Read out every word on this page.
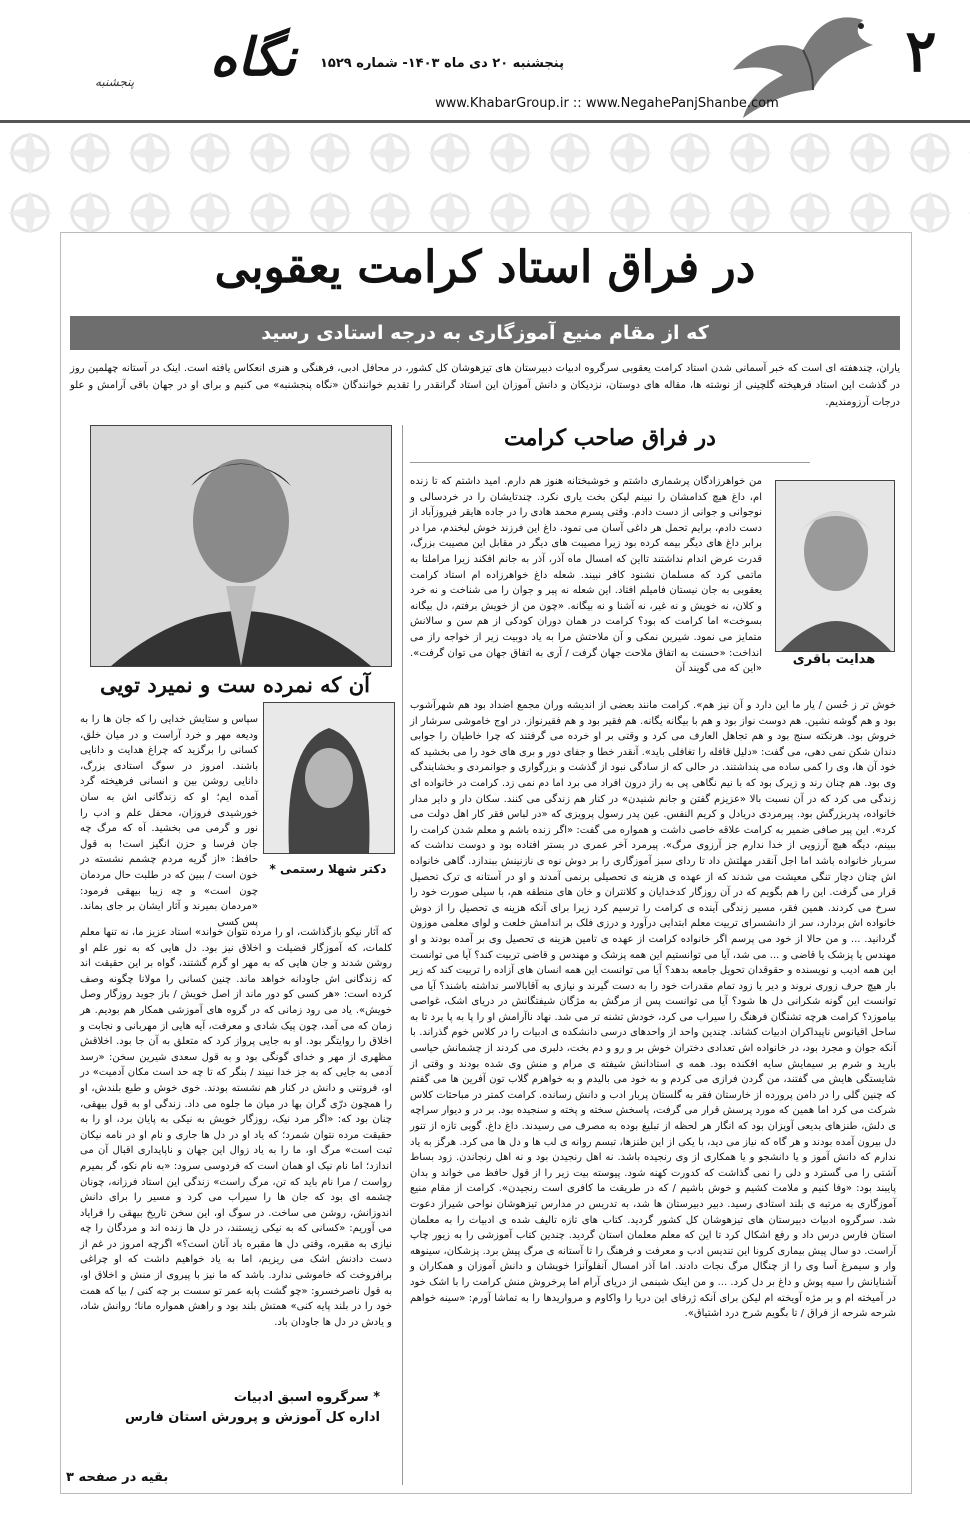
۲
پنجشنبه ۲۰ دی ماه ۱۴۰۳- شماره ۱۵۲۹
www.KhabarGroup.ir :: www.NegahePanjShanbe.com
نگاه
پنجشنبه
در فراق استاد کرامت یعقوبی
که از مقام منیع آموزگاری به درجه استادی رسید
یاران، چندهفته ای است که خبر آسمانی شدن استاد کرامت یعقوبی سرگروه ادبیات دبیرستان های تیزهوشان کل کشور، در محافل ادبی، فرهنگی و هنری انعکاس یافته است. اینک در آستانه چهلمین روز در گذشت این استاد فرهیخته گلچینی از نوشته ها، مقاله های دوستان، نزدیکان و دانش آموزان این استاد گرانقدر را تقدیم خوانندگان «نگاه پنجشنبه» می کنیم و برای او در جهان باقی آرامش و علو درجات آرزومندیم.
در فراق صاحب کرامت
هدایت باقری
من خواهرزادگان پرشماری داشتم و خوشبختانه هنوز هم دارم. امید داشتم که تا زنده ام، داغ هیچ کدامشان را نبینم لیکن بخت یاری نکرد. چندتایشان را در خردسالی و نوجوانی و جوانی از دست دادم. وقتی پسرم محمد هادی را در جاده هایقر فیروزآباد از دست دادم، برایم تحمل هر داغی آسان می نمود. داغ این فرزند خوش لبخندم، مرا در برابر داغ های دیگر بیمه کرده بود زیرا مصیبت های دیگر در مقابل این مصیبت بزرگ، قدرت عرض اندام نداشتند تااین که امسال ماه آذر، آذر به جانم افکند زیرا مراملتا به ماتمی کرد که مسلمان نشنود کافر نبیند. شعله داغ خواهرزاده ام استاد کرامت یعقوبی به جان نیستان فامیلم افتاد. این شعله نه پیر و جوان را می شناخت و نه خرد و کلان، نه خویش و نه غیر، نه آشنا و نه بیگانه. «چون من از خویش برفتم، دل بیگانه بسوخت» اما کرامت که بود؟ کرامت در همان دوران کودکی از هم سن و سالانش متمایز می نمود. شیرین نمکی و آن ملاحتش مرا به یاد دوبیت زیر از خواجه راز می انداخت: «حسنت به اتفاق ملاحت جهان گرفت / آری به اتفاق جهان می توان گرفت». «این که می گویند آن
خوش تر ز حُسن / یار ما این دارد و آن نیز هم». کرامت مانند بعضی از اندیشه وران مجمع اضداد بود هم شهرآشوب بود و هم گوشه نشین. هم دوست نواز بود و هم با بیگانه یگانه. هم فقیر بود و هم فقیرنواز. در اوج خاموشی سرشار از خروش بود. هرنکته سنج بود و هم تجاهل العارف می کرد و وقتی بر او خرده می گرفتند که چرا خاطیان را جوابی دندان شکن نمی دهی، می گفت: «دلیل قافله را تغافلی باید». آنقدر خطا و جفای دور و بری های خود را می بخشید که خود آن ها، وی را کمی ساده می پنداشتند. در حالی که از سادگی نبود از گذشت و بزرگواری و جوانمردی و بخشایندگی وی بود. هم چنان رند و زیرک بود که با نیم نگاهی پی به راز درون افراد می برد اما دم نمی زد. کرامت در خانواده ای زندگی می کرد که در آن نسبت بالا «عزیزم گفتن و جانم شنیدن» در کنار هم زندگی می کنند. سکان دار و دایر مدار خانواده، پدربزرگش بود. پیرمردی دریادل و کریم النفس. عین پدر رسول پرویزی که «در لباس فقر کار اهل دولت می کرد». این پیر صافی ضمیر به کرامت علاقه خاصی داشت و همواره می گفت: «اگر زنده باشم و معلم شدن کرامت را ببینم، دیگه هیچ آرزویی از خدا ندارم جز آرزوی مرگ». پیرمرد آخر عمری در بستر افتاده بود و دوست نداشت که سربار خانواده باشد اما اجل آنقدر مهلتش داد تا ردای سبز آموزگاری را بر دوش نوه ی نازنینش ببندازد. گاهی خانواده اش چنان دچار تنگی معیشت می شدند که از عهده ی هزینه ی تحصیلی برنمی آمدند و او در آستانه ی ترک تحصیل قرار می گرفت. این را هم بگویم که در آن روزگار کدخدایان و کلانتران و خان های منطقه هم، با سیلی صورت خود را سرخ می کردند. همین فقر، مسیر زندگی آینده ی کرامت را ترسیم کرد زیرا برای آنکه هزینه ی تحصیل را از دوش خانواده اش بردارد، سر از دانشسرای تربیت معلم ابتدایی درآورد و درزی فلک بر اندامش خلعت و لوای معلمی موزون گردانید. ... و من حالا از خود می پرسم اگر خانواده کرامت از عهده ی تامین هزینه ی تحصیل وی بر آمده بودند و او مهندس یا پزشک یا قاضی و ... می شد، آیا می توانستیم این همه پزشک و مهندس و قاضی تربیت کند؟ آیا می توانست این همه ادیب و نویسنده و حقوقدان تحویل جامعه بدهد؟ آیا می توانست این همه انسان های آزاده را تربیت کند که زیر بار هیچ حرف زوری نروند و دیر یا زود تمام مقدرات خود را به دست گیرند و نیازی به آقابالاسر نداشته باشند؟ آیا می توانست این گونه شکرانی دل ها شود؟ آیا می توانست پس از مرگش به مژگان شیفتگانش در دریای اشک، غواصی بیاموزد؟ کرامت هرچه تشنگان فرهنگ را سیراب می کرد، خودش تشنه تر می شد. نهاد ناآرامش او را پا به پا برد تا به ساحل اقیانوس ناپیداکران ادبیات کشاند. چندین واحد از واحدهای درسی دانشکده ی ادبیات را در کلاس خوم گذراند. با آنکه جوان و مجرد بود، در خانواده اش تعدادی دختران خوش بر و رو و دم بخت، دلبری می کردند از چشمانش حیاسی بارید و شرم بر سیمایش سایه افکنده بود. همه ی استادانش شیفته ی مرام و منش وی شده بودند و وقتی از شایستگی هایش می گفتند، من گردن فرازی می کردم و به خود می بالیدم و به خواهرم گلاب تون آفرین ها می گفتم که چنین گلی را در دامن پرورده از خارستان فقر به گلستان پربار ادب و دانش رسانده. کرامت کمتر در مباحثات کلاس شرکت می کرد اما همین که مورد پرسش قرار می گرفت، پاسخش سخته و پخته و سنجیده بود. بر در و دیوار سراچه ی دلش، طنزهای بدیعی آویزان بود که انگار هر لحظه از تبلیغ بوده به مصرف می رسیدند. داغ داغ. گویی تازه از تنور دل بیرون آمده بودند و هر گاه که نیاز می دید، با یکی از این طنزها، تبسم روانه ی لب ها و دل ها می کرد. هرگز به یاد ندارم که دانش آموز و یا دانشجو و یا همکاری از وی رنجیده باشد. نه اهل رنجیدن بود و نه اهل رنجاندن. زود بساط آشتی را می گسترد و دلی را نمی گذاشت که کدورت کهنه شود. پیوسته بیت زیر را از قول حافظ می خواند و بدان پایبند بود: «وفا کنیم و ملامت کشیم و خوش باشیم / که در طریقت ما کافری است رنجیدن». کرامت از مقام منیع آموزگاری به مرتبه ی بلند استادی رسید. دبیر دبیرستان ها شد، به تدریس در مدارس تیزهوشان نواحی شیراز دعوت شد. سرگروه ادبیات دبیرستان های تیزهوشان کل کشور گردید. کتاب های تازه تالیف شده ی ادبیات را به معلمان استان فارس درس داد و رفع اشکال کرد تا این که معلم معلمان استان گردید. چندین کتاب آموزشی را به زیور چاپ آراست. دو سال پیش بیماری کرونا این تندیس ادب و معرفت و فرهنگ را تا آستانه ی مرگ پیش برد. پزشکان، سینوهه وار و سیمرغ آسا وی را از چنگال مرگ نجات دادند. اما آذر امسال آنفلوآنزا خویشان و دانش آموزان و همکاران و آشنایانش را سیه پوش و داغ بر دل کرد. ... و من اینک شبنمی از دریای آرام اما پرخروش منش کرامت را با اشک خود در آمیخته ام و بر مژه آویخته ام لیکن برای آنکه ژرفای این دریا را واکاوم و مرواریدها را به تماشا آورم: «سینه خواهم شرحه شرحه از فراق / تا بگویم شرح درد اشتیاق».
آن که نمرده ست و نمیرد تویی
دکتر شهلا رستمی *
سپاس و ستایش خدایی را که جان ها را به ودیعه مهر و خرد آراست و در میان خلق، کسانی را برگزید که چراغ هدایت و دانایی باشند. امروز در سوگ استادی بزرگ، دانایی روشن بین و انسانی فرهیخته گرد آمده ایم؛ او که زندگانی اش به سان خورشیدی فروزان، محفل علم و ادب را نور و گرمی می بخشید. آه که مرگ چه جان فرسا و حزن انگیز است! به قول حافظ: «از گریه مردم چشمم نشسته در خون است / ببین که در طلبت حال مردمان چون است» و چه زیبا بیهقی فرمود: «مردمان بمیرند و آثار ایشان بر جای بماند. پس کسی
که آثار نیکو بازگذاشت، او را مرده نتوان خواند» استاد عزیز ما، نه تنها معلم کلمات، که آموزگار فضیلت و اخلاق نیز بود. دل هایی که به نور علم او روشن شدند و جان هایی که به مهر او گرم گشتند، گواه بر این حقیقت اند که زندگانی اش جاودانه خواهد ماند. چنین کسانی را مولانا چگونه وصف کرده است: «هر کسی کو دور ماند از اصل خویش / باز جوید روزگار وصل خویش». یاد می رود زمانی که در گروه های آموزشی همکار هم بودیم. هر زمان که می آمد، چون پیک شادی و معرفت، آیه هایی از مهربانی و نجابت و اخلاق را روایتگر بود. او به جایی پرواز کرد که متعلق به آن جا بود. اخلاقش مظهری از مهر و خدای گونگی بود و به قول سعدی شیرین سخن: «رسد آدمی به جایی که به جز خدا نبیند / بنگر که تا چه حد است مکان آدمیت» در او، فروتنی و دانش در کنار هم نشسته بودند. خوی خوش و طبع بلندش، او را همچون درّی گران بها در میان ما جلوه می داد. زندگی او به قول بیهقی، چنان بود که: «اگر مرد نیک، روزگار خویش به نیکی به پایان برد، او را به حقیقت مرده نتوان شمرد؛ که یاد او در دل ها جاری و نام او در نامه نیکان ثبت است» مرگ او، ما را به یاد زوال این جهان و ناپایداری اقبال آن می اندازد؛ اما نام نیک او همان است که فردوسی سرود: «به نام نکو، گر بمیرم رواست / مرا نام باید که تن، مرگ راست» زندگی این استاد فرزانه، چونان چشمه ای بود که جان ها را سیراب می کرد و مسیر را برای دانش اندوزانش، روشن می ساخت. در سوگ او، این سخن تاریخ بیهقی را فرایاد می آوریم: «کسانی که به نیکی زیستند، در دل ها زنده اند و مردگان را چه نیازی به مقبره، وقتی دل ها مقبره باد آنان است؟» اگرچه امروز در غم از دست دادنش اشک می ریزیم، اما به یاد خواهیم داشت که او چراغی برافروخت که خاموشی ندارد. باشد که ما نیز با پیروی از منش و اخلاق او، به قول ناصرخسرو: «چو گشت پابه عمر تو سست بر چه کنی / بیا که همت خود را در بلند پایه کنی» همتش بلند بود و راهش همواره مانا؛ روانش شاد، و یادش در دل ها جاودان باد.
* سرگروه اسبق ادبیات
اداره کل آموزش و پرورش استان فارس
بقیه در صفحه ۳
